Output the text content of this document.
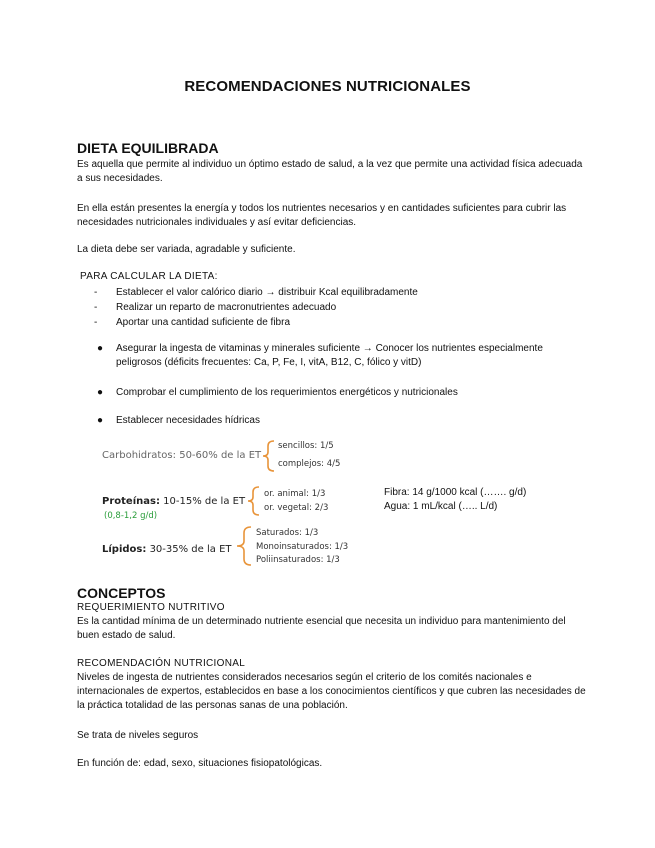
RECOMENDACIONES NUTRICIONALES
DIETA EQUILIBRADA
Es aquella que permite al individuo un óptimo estado de salud, a la vez que permite una actividad física adecuada a sus necesidades.
En ella están presentes la energía y todos los nutrientes necesarios y en cantidades suficientes para cubrir las necesidades nutricionales individuales y así evitar deficiencias.
La dieta debe ser variada, agradable y suficiente.
PARA CALCULAR LA DIETA:
-	Establecer el valor calórico diario → distribuir Kcal equilibradamente
-	Realizar un reparto de macronutrientes adecuado
-	Aportar una cantidad suficiente de fibra
●	Asegurar la ingesta de vitaminas y minerales suficiente → Conocer los nutrientes especialmente peligrosos (déficits frecuentes: Ca, P, Fe, I, vitA, B12, C, fólico y vitD)
●	Comprobar el cumplimiento de los requerimientos energéticos y nutricionales
●	Establecer necesidades hídricas
Carbohidratos: 50-60% de la ET
sencillos: 1/5
complejos: 4/5
Proteínas: 10-15% de la ET
(0,8-1,2 g/d)
or. animal: 1/3
or. vegetal: 2/3
Lípidos: 30-35% de la ET
Saturados: 1/3
Monoinsaturados: 1/3
Poliinsaturados: 1/3
Fibra: 14 g/1000 kcal (……. g/d)
Agua: 1 mL/kcal (….. L/d)
CONCEPTOS
REQUERIMIENTO NUTRITIVO
Es la cantidad mínima de un determinado nutriente esencial que necesita un individuo para mantenimiento del buen estado de salud.
RECOMENDACIÓN NUTRICIONAL
Niveles de ingesta de nutrientes considerados necesarios según el criterio de los comités nacionales e internacionales de expertos, establecidos en base a los conocimientos científicos y que cubren las necesidades de la práctica totalidad de las personas sanas de una población.
Se trata de niveles seguros
En función de: edad, sexo, situaciones fisiopatológicas.
